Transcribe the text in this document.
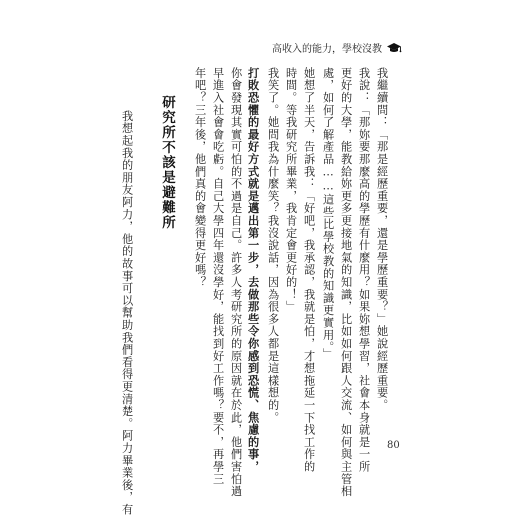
高收入的能力，學校沒教
我繼續問：「那是經歷重要，還是學歷重要？」她說經歷重要。
我說：「那妳要那麼高的學歷有什麼用？如果妳想學習，社會本身就是一所
更好的大學，能教給妳更多更接地氣的知識，比如如何跟人交流、如何與主管相
處，如何了解產品……這些比學校教的知識更實用。」
她想了半天，告訴我：「好吧，我承認，我就是怕，才想拖延一下找工作的
時間。等我研究所畢業，我肯定會更好的！」
我笑了。她問我為什麼笑？我沒說話，因為很多人都是這樣想的。
打敗恐懼的最好方式就是邁出第一步，去做那些令你感到恐慌、焦慮的事，
你會發現其實可怕的不過是自己。許多人考研究所的原因就在於此，他們害怕過
早進入社會會吃虧。自己大學四年還沒學好，能找到好工作嗎？要不，再學三
年吧？三年後，他們真的會變得更好嗎？
研究所不該是避難所
我想起我的朋友阿力，他的故事可以幫助我們看得更清楚。阿力畢業後，有	80
